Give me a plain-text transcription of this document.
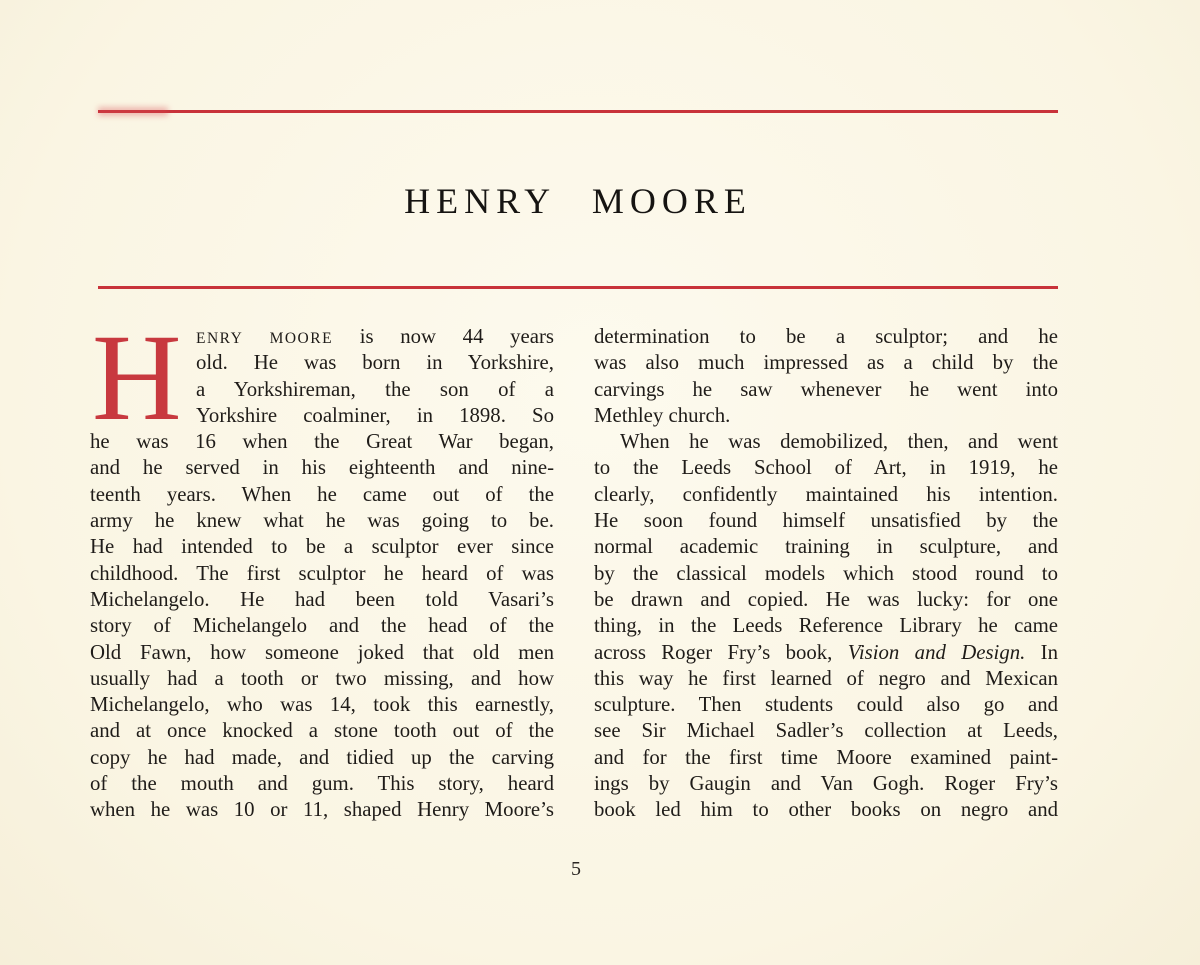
HENRY MOORE
H ENRY MOORE is now 44 years
old. He was born in Yorkshire,
a Yorkshireman, the son of a
Yorkshire coalminer, in 1898. So
he was 16 when the Great War began,
and he served in his eighteenth and nine-
teenth years. When he came out of the
army he knew what he was going to be.
He had intended to be a sculptor ever since
childhood. The first sculptor he heard of was
Michelangelo. He had been told Vasari’s
story of Michelangelo and the head of the
Old Fawn, how someone joked that old men
usually had a tooth or two missing, and how
Michelangelo, who was 14, took this earnestly,
and at once knocked a stone tooth out of the
copy he had made, and tidied up the carving
of the mouth and gum. This story, heard
when he was 10 or 11, shaped Henry Moore’s
determination to be a sculptor; and he
was also much impressed as a child by the
carvings he saw whenever he went into
Methley church.
When he was demobilized, then, and went
to the Leeds School of Art, in 1919, he
clearly, confidently maintained his intention.
He soon found himself unsatisfied by the
normal academic training in sculpture, and
by the classical models which stood round to
be drawn and copied. He was lucky: for one
thing, in the Leeds Reference Library he came
across Roger Fry’s book, Vision and Design. In
this way he first learned of negro and Mexican
sculpture. Then students could also go and
see Sir Michael Sadler’s collection at Leeds,
and for the first time Moore examined paint-
ings by Gaugin and Van Gogh. Roger Fry’s
book led him to other books on negro and
5
